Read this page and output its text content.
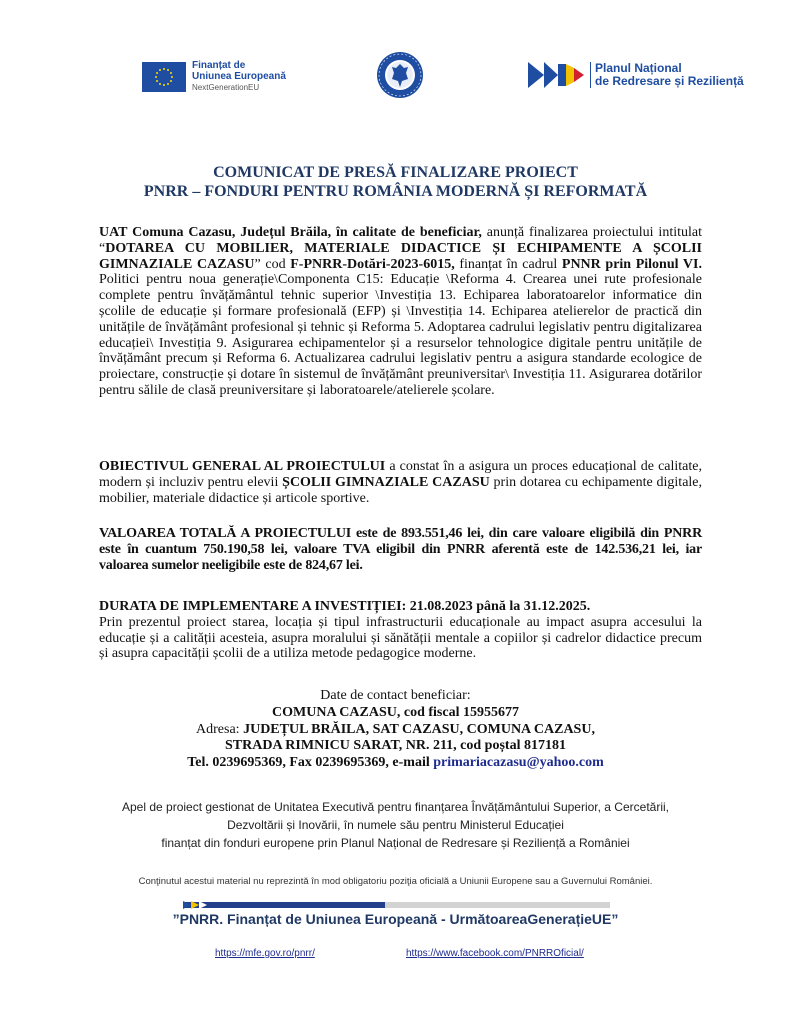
Finanțat de
Uniunea Europeană
NextGenerationEU
Planul Național
de Redresare și Reziliență
COMUNICAT DE PRESĂ FINALIZARE PROIECT
PNRR – FONDURI PENTRU ROMÂNIA MODERNĂ ȘI REFORMATĂ
UAT Comuna Cazasu, Județul Brăila, în calitate de beneficiar, anunță finalizarea proiectului intitulat “DOTAREA CU MOBILIER, MATERIALE DIDACTICE ȘI ECHIPAMENTE A ȘCOLII GIMNAZIALE CAZASU” cod F-PNRR-Dotări-2023-6015, finanțat în cadrul PNNR prin Pilonul VI. Politici pentru noua generație\Componenta C15: Educație \Reforma 4. Crearea unei rute profesionale complete pentru învățământul tehnic superior \Investiția 13. Echiparea laboratoarelor informatice din școlile de educație și formare profesională (EFP) și \Investiția 14. Echiparea atelierelor de practică din unitățile de învățământ profesional și tehnic și Reforma 5. Adoptarea cadrului legislativ pentru digitalizarea educației\ Investiția 9. Asigurarea echipamentelor și a resurselor tehnologice digitale pentru unitățile de învățământ precum și Reforma 6. Actualizarea cadrului legislativ pentru a asigura standarde ecologice de proiectare, construcție și dotare în sistemul de învățământ preuniversitar\ Investiția 11. Asigurarea dotărilor pentru sălile de clasă preuniversitare și laboratoarele/atelierele școlare.
OBIECTIVUL GENERAL AL PROIECTULUI a constat în a asigura un proces educațional de calitate, modern și incluziv pentru elevii ȘCOLII GIMNAZIALE CAZASU prin dotarea cu echipamente digitale, mobilier, materiale didactice și articole sportive.
VALOAREA TOTALĂ A PROIECTULUI este de 893.551,46 lei, din care valoare eligibilă din PNRR este în cuantum 750.190,58 lei, valoare TVA eligibil din PNRR aferentă este de 142.536,21 lei, iar valoarea sumelor neeligibile este de 824,67 lei.
DURATA DE IMPLEMENTARE A INVESTIȚIEI: 21.08.2023 până la 31.12.2025.
Prin prezentul proiect starea, locația și tipul infrastructurii educaționale au impact asupra accesului la educație și a calității acesteia, asupra moralului și sănătății mentale a copiilor și cadrelor didactice precum și asupra capacității școlii de a utiliza metode pedagogice moderne.
Date de contact beneficiar:
COMUNA CAZASU, cod fiscal 15955677
Adresa: JUDEȚUL BRĂILA, SAT CAZASU, COMUNA CAZASU,
STRADA RIMNICU SARAT, NR. 211, cod poștal 817181
Tel. 0239695369, Fax 0239695369, e-mail primariacazasu@yahoo.com
Apel de proiect gestionat de Unitatea Executivă pentru finanțarea Învățământului Superior, a Cercetării,
Dezvoltării și Inovării, în numele său pentru Ministerul Educației
finanțat din fonduri europene prin Planul Național de Redresare și Reziliență a României
Conţinutul acestui material nu reprezintă în mod obligatoriu poziţia oficială a Uniunii Europene sau a Guvernului României.
”PNRR. Finanțat de Uniunea Europeană - UrmătoareaGenerațieUE”
https://mfe.gov.ro/pnrr/	https://www.facebook.com/PNRROficial/
